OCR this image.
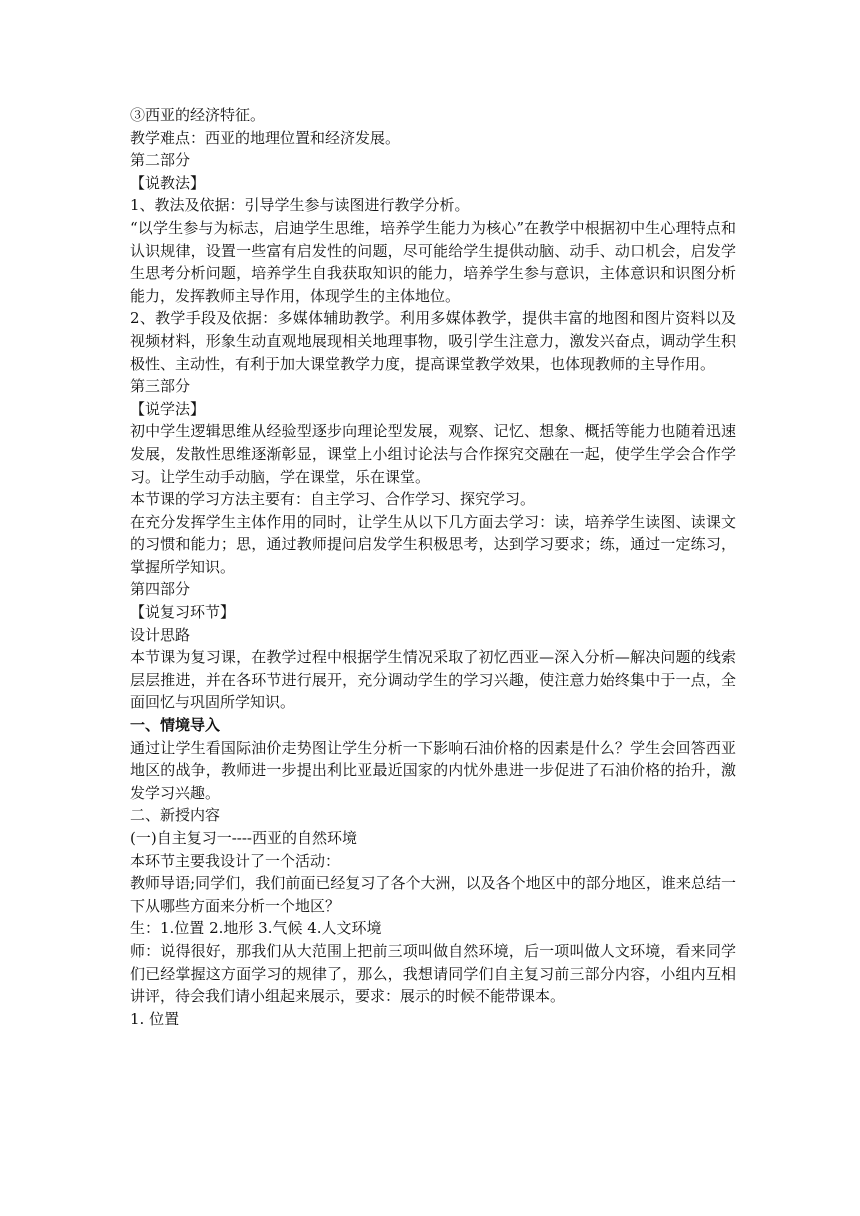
③西亚的经济特征。

教学难点：西亚的地理位置和经济发展。

第二部分

【说教法】

1、教法及依据：引导学生参与读图进行教学分析。

“以学生参与为标志，启迪学生思维，培养学生能力为核心”在教学中根据初中生心理特点和认识规律，设置一些富有启发性的问题，尽可能给学生提供动脑、动手、动口机会，启发学生思考分析问题，培养学生自我获取知识的能力，培养学生参与意识，主体意识和识图分析能力，发挥教师主导作用，体现学生的主体地位。

2、教学手段及依据：多媒体辅助教学。利用多媒体教学，提供丰富的地图和图片资料以及视频材料，形象生动直观地展现相关地理事物，吸引学生注意力，激发兴奋点，调动学生积极性、主动性，有利于加大课堂教学力度，提高课堂教学效果，也体现教师的主导作用。

第三部分

【说学法】

初中学生逻辑思维从经验型逐步向理论型发展，观察、记忆、想象、概括等能力也随着迅速发展，发散性思维逐渐彰显，课堂上小组讨论法与合作探究交融在一起，使学生学会合作学习。让学生动手动脑，学在课堂，乐在课堂。

本节课的学习方法主要有：自主学习、合作学习、探究学习。

在充分发挥学生主体作用的同时，让学生从以下几方面去学习：读，培养学生读图、读课文的习惯和能力；思，通过教师提问启发学生积极思考，达到学习要求；练，通过一定练习，掌握所学知识。

第四部分

【说复习环节】

设计思路

本节课为复习课，在教学过程中根据学生情况采取了初忆西亚—深入分析—解决问题的线索层层推进，并在各环节进行展开，充分调动学生的学习兴趣，使注意力始终集中于一点，全面回忆与巩固所学知识。

一、情境导入

通过让学生看国际油价走势图让学生分析一下影响石油价格的因素是什么？学生会回答西亚地区的战争，教师进一步提出利比亚最近国家的内忧外患进一步促进了石油价格的抬升，激发学习兴趣。

二、新授内容

(一)自主复习一----西亚的自然环境

本环节主要我设计了一个活动：

教师导语;同学们，我们前面已经复习了各个大洲，以及各个地区中的部分地区，谁来总结一下从哪些方面来分析一个地区？

生：1.位置 2.地形 3.气候 4.人文环境

师：说得很好，那我们从大范围上把前三项叫做自然环境，后一项叫做人文环境，看来同学们已经掌握这方面学习的规律了，那么，我想请同学们自主复习前三部分内容，小组内互相讲评，待会我们请小组起来展示，要求：展示的时候不能带课本。

1. 位置
